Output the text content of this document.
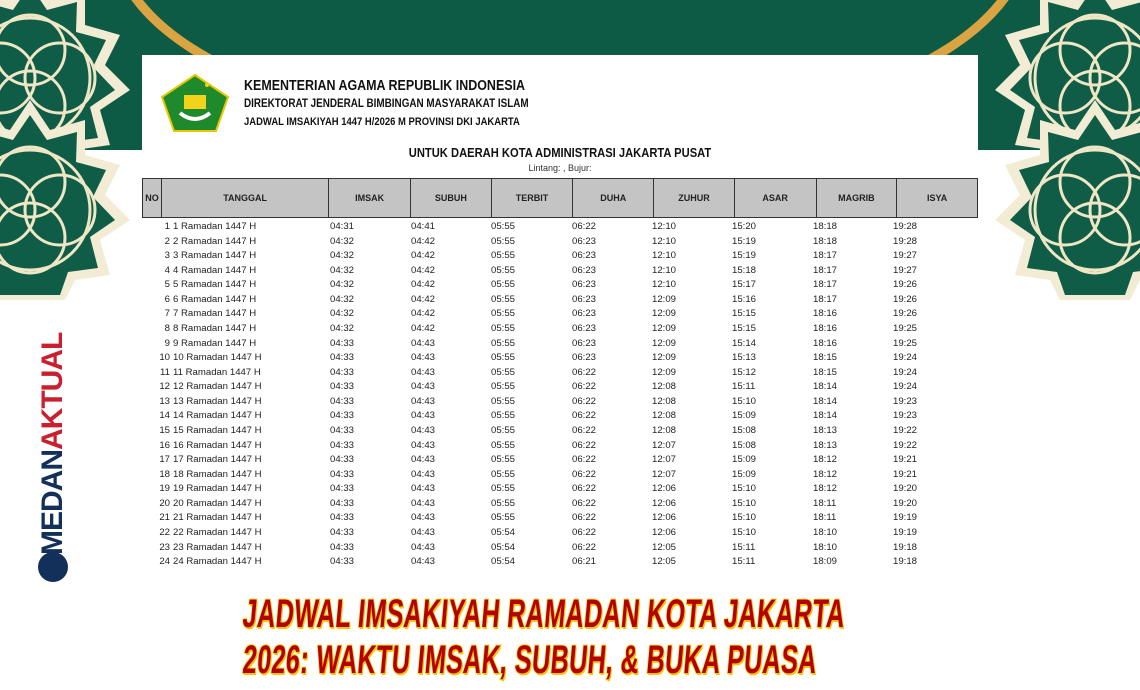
KEMENTERIAN AGAMA REPUBLIK INDONESIA
DIREKTORAT JENDERAL BIMBINGAN MASYARAKAT ISLAM
JADWAL IMSAKIYAH 1447 H/2026 M PROVINSI DKI JAKARTA
UNTUK DAERAH KOTA ADMINISTRASI JAKARTA PUSAT
Lintang: , Bujur:
NO	TANGGAL	IMSAK	SUBUH	TERBIT	DUHA	ZUHUR	ASAR	MAGRIB	ISYA
1 1 Ramadan 1447 H	04:31	04:41	05:55	06:22	12:10	15:20	18:18	19:28
2 2 Ramadan 1447 H	04:32	04:42	05:55	06:23	12:10	15:19	18:18	19:28
3 3 Ramadan 1447 H	04:32	04:42	05:55	06:23	12:10	15:19	18:17	19:27
4 4 Ramadan 1447 H	04:32	04:42	05:55	06:23	12:10	15:18	18:17	19:27
5 5 Ramadan 1447 H	04:32	04:42	05:55	06:23	12:10	15:17	18:17	19:26
6 6 Ramadan 1447 H	04:32	04:42	05:55	06:23	12:09	15:16	18:17	19:26
7 7 Ramadan 1447 H	04:32	04:42	05:55	06:23	12:09	15:15	18:16	19:26
8 8 Ramadan 1447 H	04:32	04:42	05:55	06:23	12:09	15:15	18:16	19:25
9 9 Ramadan 1447 H	04:33	04:43	05:55	06:23	12:09	15:14	18:16	19:25
10 10 Ramadan 1447 H	04:33	04:43	05:55	06:23	12:09	15:13	18:15	19:24
11 11 Ramadan 1447 H	04:33	04:43	05:55	06:22	12:09	15:12	18:15	19:24
12 12 Ramadan 1447 H	04:33	04:43	05:55	06:22	12:08	15:11	18:14	19:24
13 13 Ramadan 1447 H	04:33	04:43	05:55	06:22	12:08	15:10	18:14	19:23
14 14 Ramadan 1447 H	04:33	04:43	05:55	06:22	12:08	15:09	18:14	19:23
15 15 Ramadan 1447 H	04:33	04:43	05:55	06:22	12:08	15:08	18:13	19:22
16 16 Ramadan 1447 H	04:33	04:43	05:55	06:22	12:07	15:08	18:13	19:22
17 17 Ramadan 1447 H	04:33	04:43	05:55	06:22	12:07	15:09	18:12	19:21
18 18 Ramadan 1447 H	04:33	04:43	05:55	06:22	12:07	15:09	18:12	19:21
19 19 Ramadan 1447 H	04:33	04:43	05:55	06:22	12:06	15:10	18:12	19:20
20 20 Ramadan 1447 H	04:33	04:43	05:55	06:22	12:06	15:10	18:11	19:20
21 21 Ramadan 1447 H	04:33	04:43	05:55	06:22	12:06	15:10	18:11	19:19
22 22 Ramadan 1447 H	04:33	04:43	05:54	06:22	12:06	15:10	18:10	19:19
23 23 Ramadan 1447 H	04:33	04:43	05:54	06:22	12:05	15:11	18:10	19:18
24 24 Ramadan 1447 H	04:33	04:43	05:54	06:21	12:05	15:11	18:09	19:18
JADWAL IMSAKIYAH RAMADAN KOTA JAKARTA
2026: WAKTU IMSAK, SUBUH, & BUKA PUASA
MEDANAKTUAL
